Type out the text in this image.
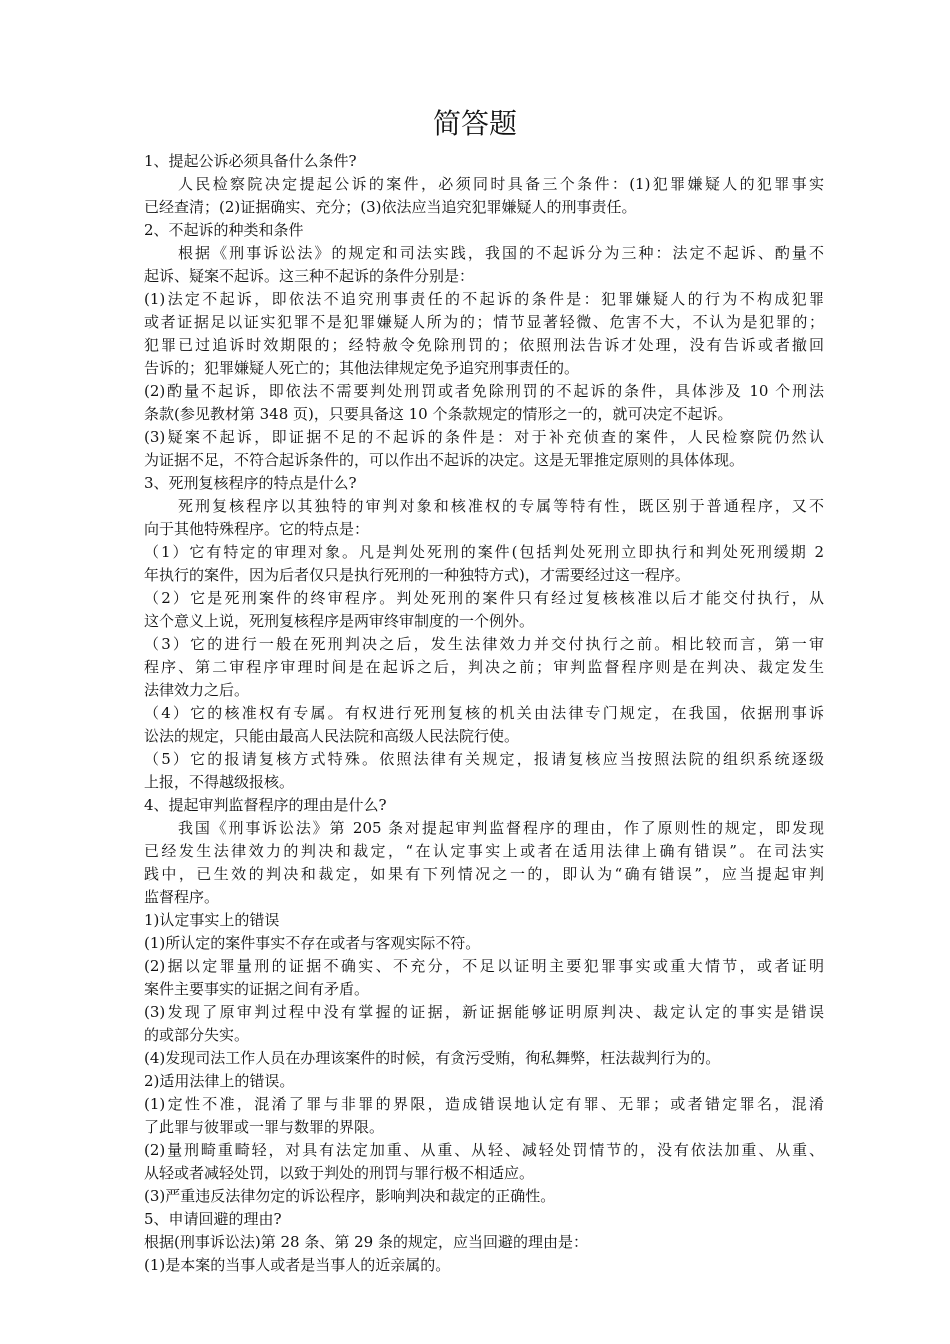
简答题
1、提起公诉必须具备什么条件?
人民检察院决定提起公诉的案件，必须同时具备三个条件：(1)犯罪嫌疑人的犯罪事实
已经查清；(2)证据确实、充分；(3)依法应当追究犯罪嫌疑人的刑事责任。
2、不起诉的种类和条件
根据《刑事诉讼法》的规定和司法实践，我国的不起诉分为三种：法定不起诉、酌量不
起诉、疑案不起诉。这三种不起诉的条件分别是：
(1)法定不起诉，即依法不追究刑事责任的不起诉的条件是：犯罪嫌疑人的行为不构成犯罪
或者证据足以证实犯罪不是犯罪嫌疑人所为的；情节显著轻微、危害不大，不认为是犯罪的；
犯罪已过追诉时效期限的；经特赦令免除刑罚的；依照刑法告诉才处理，没有告诉或者撤回
告诉的；犯罪嫌疑人死亡的；其他法律规定免予追究刑事责任的。
(2)酌量不起诉，即依法不需要判处刑罚或者免除刑罚的不起诉的条件，具体涉及 10 个刑法
条款(参见教材第 348 页)，只要具备这 10 个条款规定的情形之一的，就可决定不起诉。
(3)疑案不起诉，即证据不足的不起诉的条件是：对于补充侦查的案件，人民检察院仍然认
为证据不足，不符合起诉条件的，可以作出不起诉的决定。这是无罪推定原则的具体体现。
3、死刑复核程序的特点是什么?
死刑复核程序以其独特的审判对象和核准权的专属等特有性，既区别于普通程序，又不
向于其他特殊程序。它的特点是：
（1）它有特定的审理对象。凡是判处死刑的案件(包括判处死刑立即执行和判处死刑缓期 2
年执行的案件，因为后者仅只是执行死刑的一种独特方式)，才需要经过这一程序。
（2）它是死刑案件的终审程序。判处死刑的案件只有经过复核核准以后才能交付执行，从
这个意义上说，死刑复核程序是两审终审制度的一个例外。
（3）它的进行一般在死刑判决之后，发生法律效力并交付执行之前。相比较而言，第一审
程序、第二审程序审理时间是在起诉之后，判决之前；审判监督程序则是在判决、裁定发生
法律效力之后。
（4）它的核准权有专属。有权进行死刑复核的机关由法律专门规定，在我国，依据刑事诉
讼法的规定，只能由最高人民法院和高级人民法院行使。
（5）它的报请复核方式特殊。依照法律有关规定，报请复核应当按照法院的组织系统逐级
上报，不得越级报核。
4、提起审判监督程序的理由是什么?
我国《刑事诉讼法》第 205 条对提起审判监督程序的理由，作了原则性的规定，即发现
已经发生法律效力的判决和裁定，“在认定事实上或者在适用法律上确有错误”。在司法实
践中，已生效的判决和裁定，如果有下列情况之一的，即认为“确有错误”，应当提起审判
监督程序。
1)认定事实上的错误
(1)所认定的案件事实不存在或者与客观实际不符。
(2)据以定罪量刑的证据不确实、不充分，不足以证明主要犯罪事实或重大情节，或者证明
案件主要事实的证据之间有矛盾。
(3)发现了原审判过程中没有掌握的证据，新证据能够证明原判决、裁定认定的事实是错误
的或部分失实。
(4)发现司法工作人员在办理该案件的时候，有贪污受贿，徇私舞弊，枉法裁判行为的。
2)适用法律上的错误。
(1)定性不准，混淆了罪与非罪的界限，造成错误地认定有罪、无罪；或者错定罪名，混淆
了此罪与彼罪或一罪与数罪的界限。
(2)量刑畸重畸轻，对具有法定加重、从重、从轻、减轻处罚情节的，没有依法加重、从重、
从轻或者减轻处罚，以致于判处的刑罚与罪行极不相适应。
(3)严重违反法律勿定的诉讼程序，影响判决和裁定的正确性。
5、申请回避的理由?
根据(刑事诉讼法)第 28 条、第 29 条的规定，应当回避的理由是：
(1)是本案的当事人或者是当事人的近亲属的。
